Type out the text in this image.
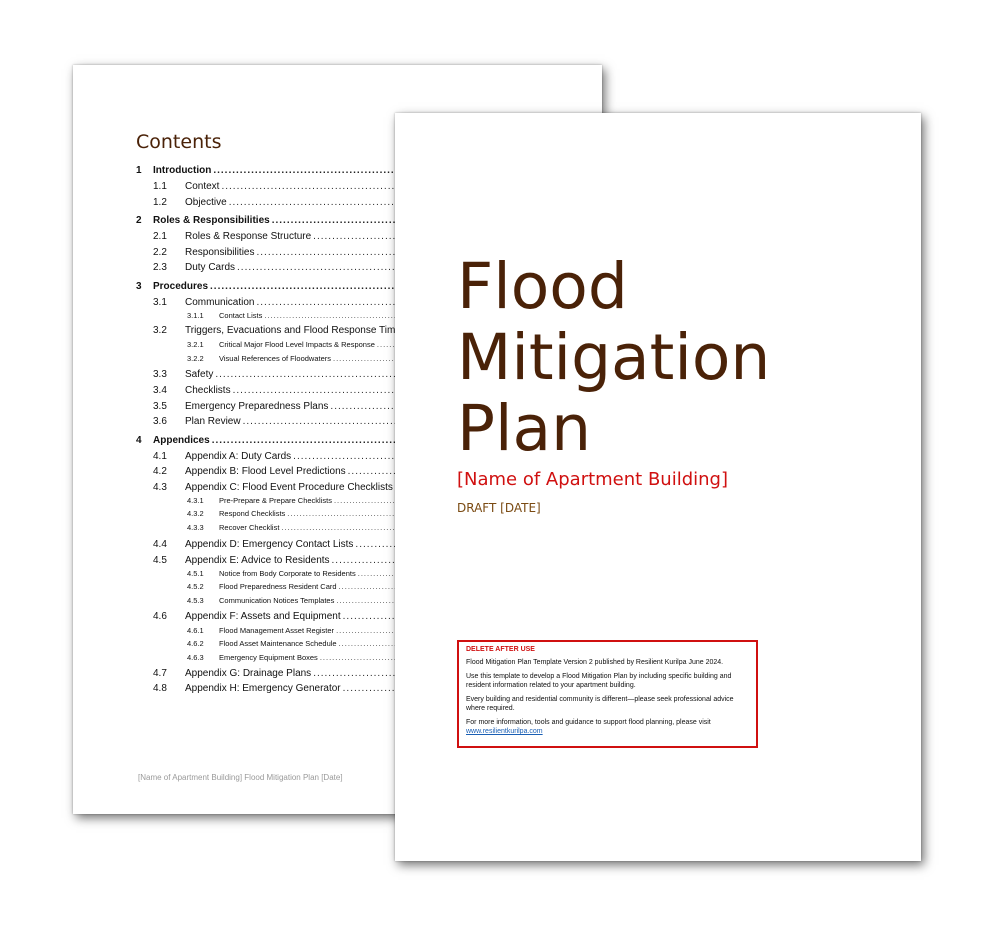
Contents
1	Introduction
.....
1.1	Context
.....
1.2	Objective
.....
2	Roles & Responsibilities
.....
2.1	Roles & Response Structure
.....
2.2	Responsibilities
.....
2.3	Duty Cards
.....
3	Procedures
.....
3.1	Communication
.....
3.1.1	Contact Lists
.....
3.2	Triggers, Evacuations and Flood Response Tim
.....
3.2.1	Critical Major Flood Level Impacts & Response
.....
3.2.2	Visual References of Floodwaters
.....
3.3	Safety
.....
3.4	Checklists
.....
3.5	Emergency Preparedness Plans
.....
3.6	Plan Review
.....
4	Appendices
.....
4.1	Appendix A: Duty Cards
.....
4.2	Appendix B: Flood Level Predictions
.....
4.3	Appendix C: Flood Event Procedure Checklists
.....
4.3.1	Pre-Prepare & Prepare Checklists
.....
4.3.2	Respond Checklists
.....
4.3.3	Recover Checklist
.....
4.4	Appendix D: Emergency Contact Lists
.....
4.5	Appendix E: Advice to Residents
.....
4.5.1	Notice from Body Corporate to Residents
.....
4.5.2	Flood Preparedness Resident Card
.....
4.5.3	Communication Notices Templates
.....
4.6	Appendix F: Assets and Equipment
.....
4.6.1	Flood Management Asset Register
.....
4.6.2	Flood Asset Maintenance Schedule
.....
4.6.3	Emergency Equipment Boxes
.....
4.7	Appendix G: Drainage Plans
.....
4.8	Appendix H: Emergency Generator
.....
[Name of Apartment Building] Flood Mitigation Plan [Date]
Flood
Mitigation
Plan
[Name of Apartment Building]
DRAFT [DATE]
DELETE AFTER USE

Flood Mitigation Plan Template Version 2 published by Resilient Kurilpa June 2024.

Use this template to develop a Flood Mitigation Plan by including specific building and resident information related to your apartment building.

Every building and residential community is different—please seek professional advice where required.

For more information, tools and guidance to support flood planning, please visit

www.resilientkurilpa.com
